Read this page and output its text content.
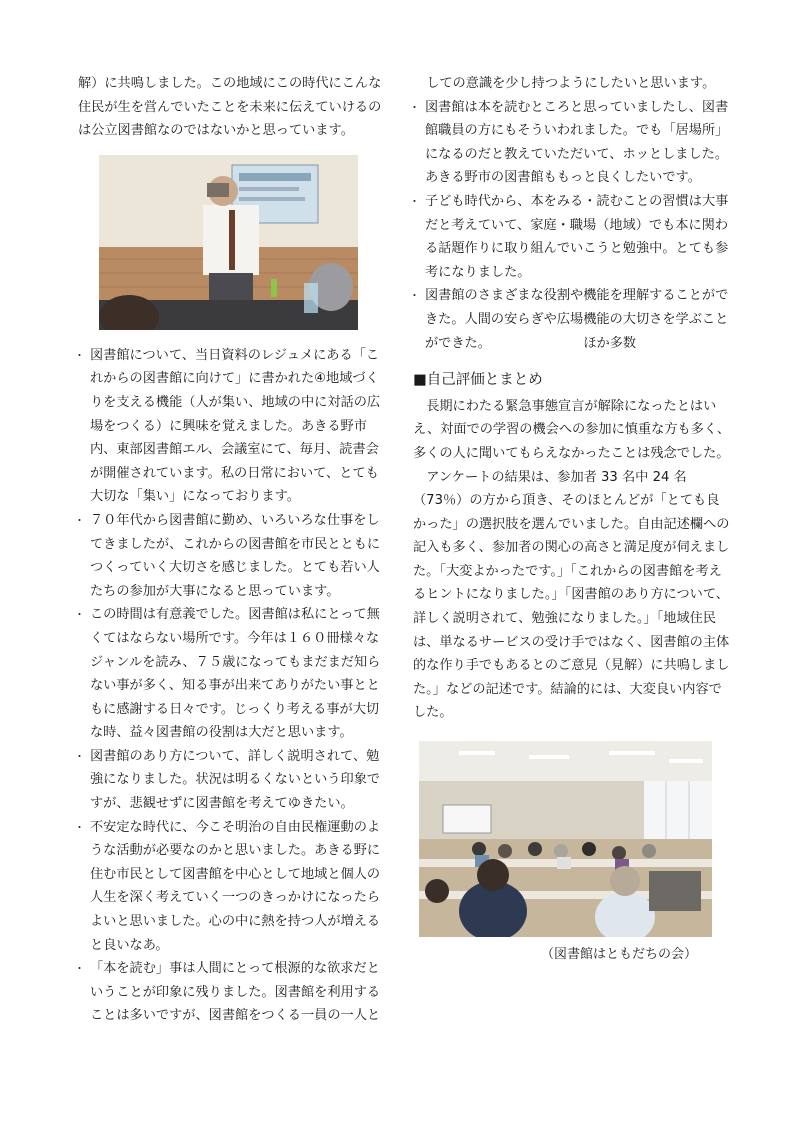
解）に共鳴しました。この地域にこの時代にこんな住民が生を営んでいたことを未来に伝えていけるのは公立図書館なのではないかと思っています。

・ 図書館について、当日資料のレジュメにある「これからの図書館に向けて」に書かれた④地域づくりを支える機能（人が集い、地域の中に対話の広場をつくる）に興味を覚えました。あきる野市内、東部図書館エル、会議室にて、毎月、読書会が開催されています。私の日常において、とても大切な「集い」になっております。

・ ７０年代から図書館に勤め、いろいろな仕事をしてきましたが、これからの図書館を市民とともにつくっていく大切さを感じました。とても若い人たちの参加が大事になると思っています。

・ この時間は有意義でした。図書館は私にとって無くてはならない場所です。今年は１６０冊様々なジャンルを読み、７５歳になってもまだまだ知らない事が多く、知る事が出来てありがたい事とともに感謝する日々です。じっくり考える事が大切な時、益々図書館の役割は大だと思います。

・ 図書館のあり方について、詳しく説明されて、勉強になりました。状況は明るくないという印象ですが、悲観せずに図書館を考えてゆきたい。

・ 不安定な時代に、今こそ明治の自由民権運動のような活動が必要なのかと思いました。あきる野に住む市民として図書館を中心として地域と個人の人生を深く考えていく一つのきっかけになったらよいと思いました。心の中に熱を持つ人が増えると良いなあ。

・ 「本を読む」事は人間にとって根源的な欲求だということが印象に残りました。図書館を利用することは多いですが、図書館をつくる一員の一人と

しての意識を少し持つようにしたいと思います。

・ 図書館は本を読むところと思っていましたし、図書館職員の方にもそういわれました。でも「居場所」になるのだと教えていただいて、ホッとしました。あきる野市の図書館ももっと良くしたいです。

・ 子ども時代から、本をみる・読むことの習慣は大事だと考えていて、家庭・職場（地域）でも本に関わる話題作りに取り組んでいこうと勉強中。とても参考になりました。

・ 図書館のさまざまな役割や機能を理解することができた。人間の安らぎや広場機能の大切さを学ぶことができた。	ほか多数

■自己評価とまとめ

長期にわたる緊急事態宣言が解除になったとはいえ、対面での学習の機会への参加に慎重な方も多く、多くの人に聞いてもらえなかったことは残念でした。

アンケートの結果は、参加者 33 名中 24 名（73％）の方から頂き、そのほとんどが「とても良かった」の選択肢を選んでいました。自由記述欄への記入も多く、参加者の関心の高さと満足度が伺えました。「大変よかったです。」「これからの図書館を考えるヒントになりました。」「図書館のあり方について、詳しく説明されて、勉強になりました。」「地域住民は、単なるサービスの受け手ではなく、図書館の主体的な作り手でもあるとのご意見（見解）に共鳴しました。」などの記述です。結論的には、大変良い内容でした。

（図書館はともだちの会）
